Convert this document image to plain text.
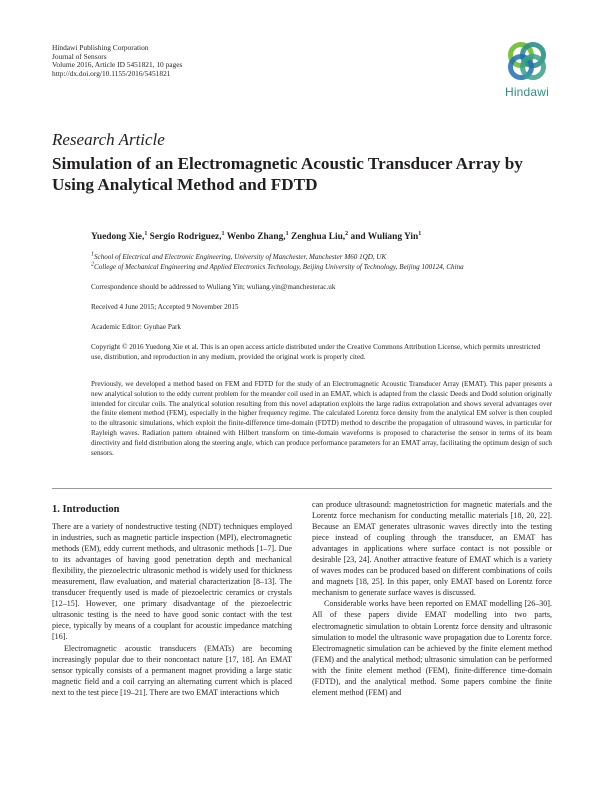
Hindawi Publishing Corporation
Journal of Sensors
Volume 2016, Article ID 5451821, 10 pages
http://dx.doi.org/10.1155/2016/5451821
Hindawi
Research Article
Simulation of an Electromagnetic Acoustic Transducer Array by Using Analytical Method and FDTD
Yuedong Xie,$^1$ Sergio Rodriguez,$^1$ Wenbo Zhang,$^1$ Zenghua Liu,$^2$ and Wuliang Yin$^1$
$^1$School of Electrical and Electronic Engineering, University of Manchester, Manchester M60 1QD, UK
$^2$College of Mechanical Engineering and Applied Electronics Technology, Beijing University of Technology, Beijing 100124, China
Correspondence should be addressed to Wuliang Yin; wuliang.yin@manchesterac.uk
Received 4 June 2015; Accepted 9 November 2015
Academic Editor: Gyuhae Park
Copyright © 2016 Yuedong Xie et al. This is an open access article distributed under the Creative Commons Attribution License, which permits unrestricted use, distribution, and reproduction in any medium, provided the original work is properly cited.
Previously, we developed a method based on FEM and FDTD for the study of an Electromagnetic Acoustic Transducer Array (EMAT). This paper presents a new analytical solution to the eddy current problem for the meander coil used in an EMAT, which is adapted from the classic Deeds and Dodd solution originally intended for circular coils. The analytical solution resulting from this novel adaptation exploits the large radius extrapolation and shows several advantages over the finite element method (FEM), especially in the higher frequency regime. The calculated Lorentz force density from the analytical EM solver is then coupled to the ultrasonic simulations, which exploit the finite-difference time-domain (FDTD) method to describe the propagation of ultrasound waves, in particular for Rayleigh waves. Radiation pattern obtained with Hilbert transform on time-domain waveforms is proposed to characterise the sensor in terms of its beam directivity and field distribution along the steering angle, which can produce performance parameters for an EMAT array, facilitating the optimum design of such sensors.
1. Introduction

There are a variety of nondestructive testing (NDT) techniques employed in industries, such as magnetic particle inspection (MPI), electromagnetic methods (EM), eddy current methods, and ultrasonic methods [1–7]. Due to its advantages of having good penetration depth and mechanical flexibility, the piezoelectric ultrasonic method is widely used for thickness measurement, flaw evaluation, and material characterization [8–13]. The transducer frequently used is made of piezoelectric ceramics or crystals [12–15]. However, one primary disadvantage of the piezoelectric ultrasonic testing is the need to have good sonic contact with the test piece, typically by means of a couplant for acoustic impedance matching [16].

Electromagnetic acoustic transducers (EMATs) are becoming increasingly popular due to their noncontact nature [17, 18]. An EMAT sensor typically consists of a permanent magnet providing a large static magnetic field and a coil carrying an alternating current which is placed next to the test piece [19–21]. There are two EMAT interactions which

can produce ultrasound: magnetostriction for magnetic materials and the Lorentz force mechanism for conducting metallic materials [18, 20, 22]. Because an EMAT generates ultrasonic waves directly into the testing piece instead of coupling through the transducer, an EMAT has advantages in applications where surface contact is not possible or desirable [23, 24]. Another attractive feature of EMAT which is a variety of waves modes can be produced based on different combinations of coils and magnets [18, 25]. In this paper, only EMAT based on Lorentz force mechanism to generate surface waves is discussed.

Considerable works have been reported on EMAT modelling [26–30]. All of these papers divide EMAT modelling into two parts, electromagnetic simulation to obtain Lorentz force density and ultrasonic simulation to model the ultrasonic wave propagation due to Lorentz force. Electromagnetic simulation can be achieved by the finite element method (FEM) and the analytical method; ultrasonic simulation can be performed with the finite element method (FEM), finite-difference time-domain (FDTD), and the analytical method. Some papers combine the finite element method (FEM) and
